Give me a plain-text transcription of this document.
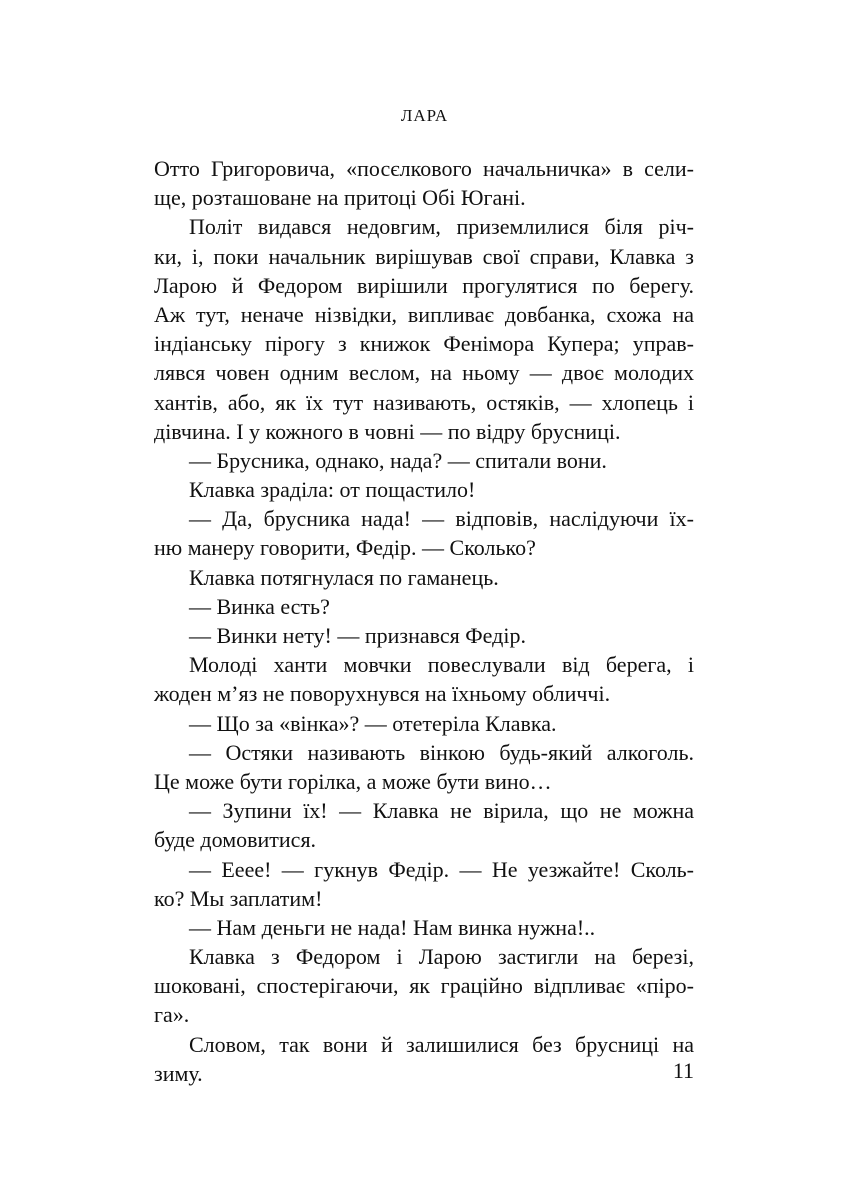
ЛАРА
Отто Григоровича, «посєлкового начальничка» в сели-
ще, розташоване на притоці Обі Югані.
Політ видався недовгим, приземлилися біля річ-
ки, і, поки начальник вирішував свої справи, Клавка з
Ларою й Федором вирішили прогулятися по берегу.
Аж тут, неначе нізвідки, випливає довбанка, схожа на
індіанську пірогу з книжок Фенімора Купера; управ-
лявся човен одним веслом, на ньому — двоє молодих
хантів, або, як їх тут називають, остяків, — хлопець і
дівчина. І у кожного в човні — по відру брусниці.
— Брусника, однако, нада? — спитали вони.
Клавка зраділа: от пощастило!
— Да, брусника нада! — відповів, наслідуючи їх-
ню манеру говорити, Федір. — Сколько?
Клавка потягнулася по гаманець.
— Винка есть?
— Винки нету! — признався Федір.
Молоді ханти мовчки повеслували від берега, і
жоден м’яз не поворухнувся на їхньому обличчі.
— Що за «вінка»? — отетеріла Клавка.
— Остяки називають вінкою будь-який алкоголь.
Це може бути горілка, а може бути вино…
— Зупини їх! — Клавка не вірила, що не можна
буде домовитися.
— Ееее! — гукнув Федір. — Не уезжайте! Сколь-
ко? Мы заплатим!
— Нам деньги не нада! Нам винка нужна!..
Клавка з Федором і Ларою застигли на березі,
шоковані, спостерігаючи, як граційно відпливає «піро-
га».
Словом, так вони й залишилися без брусниці на
зиму.	11
